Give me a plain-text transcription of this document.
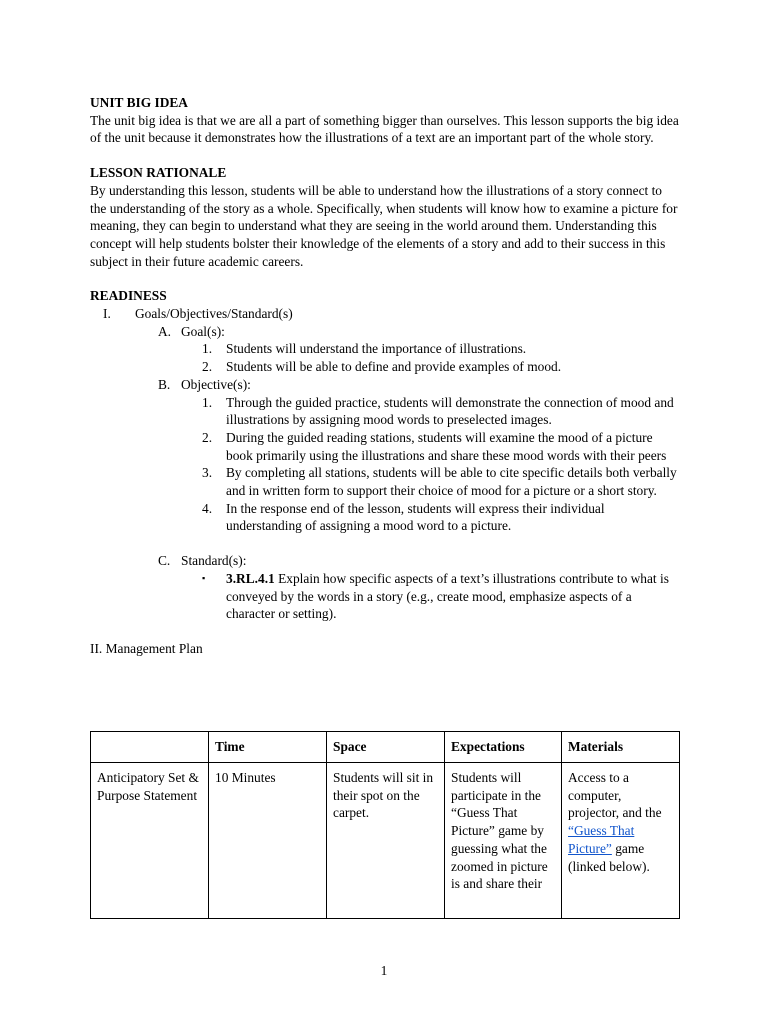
UNIT BIG IDEA

The unit big idea is that we are all a part of something bigger than ourselves. This lesson supports the big idea of the unit because it demonstrates how the illustrations of a text are an important part of the whole story.

LESSON RATIONALE

By understanding this lesson, students will be able to understand how the illustrations of a story connect to the understanding of the story as a whole. Specifically, when students will know how to examine a picture for meaning, they can begin to understand what they are seeing in the world around them. Understanding this concept will help students bolster their knowledge of the elements of a story and add to their success in this subject in their future academic careers.

READINESS

I. Goals/Objectives/Standard(s)
A. Goal(s):
1. Students will understand the importance of illustrations.
2. Students will be able to define and provide examples of mood.
B. Objective(s):
1. Through the guided practice, students will demonstrate the connection of mood and illustrations by assigning mood words to preselected images.
2. During the guided reading stations, students will examine the mood of a picture book primarily using the illustrations and share these mood words with their peers
3. By completing all stations, students will be able to cite specific details both verbally and in written form to support their choice of mood for a picture or a short story.
4. In the response end of the lesson, students will express their individual understanding of assigning a mood word to a picture.
C. Standard(s):
▪ 3.RL.4.1 Explain how specific aspects of a text’s illustrations contribute to what is conveyed by the words in a story (e.g., create mood, emphasize aspects of a character or setting).

II. Management Plan

	Time	Space	Expectations	Materials
Anticipatory Set & Purpose Statement	10 Minutes	Students will sit in their spot on the carpet.	Students will participate in the “Guess That Picture” game by guessing what the zoomed in picture is and share their	Access to a computer, projector, and the “Guess That Picture” game (linked below).
1
